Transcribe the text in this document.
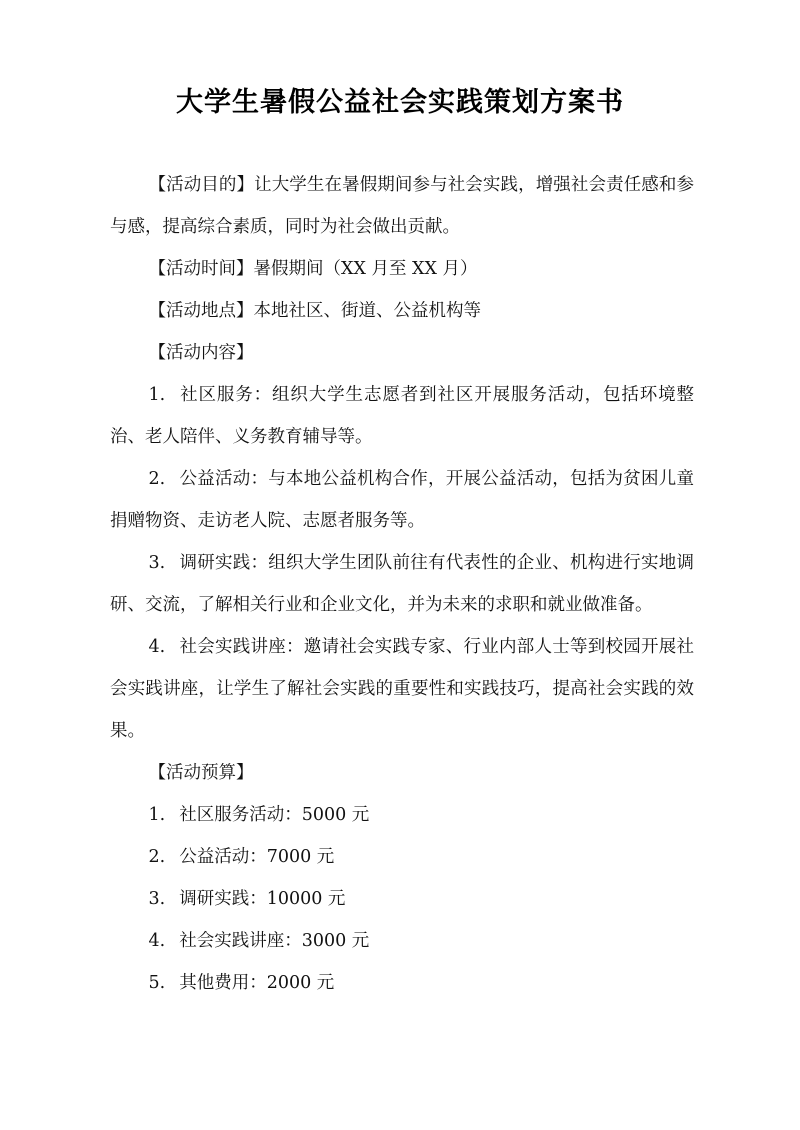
大学生暑假公益社会实践策划方案书

【活动目的】让大学生在暑假期间参与社会实践，增强社会责任感和参与感，提高综合素质，同时为社会做出贡献。

【活动时间】暑假期间（XX 月至 XX 月）

【活动地点】本地社区、街道、公益机构等

【活动内容】

1. 社区服务：组织大学生志愿者到社区开展服务活动，包括环境整治、老人陪伴、义务教育辅导等。

2. 公益活动：与本地公益机构合作，开展公益活动，包括为贫困儿童捐赠物资、走访老人院、志愿者服务等。

3. 调研实践：组织大学生团队前往有代表性的企业、机构进行实地调研、交流，了解相关行业和企业文化，并为未来的求职和就业做准备。

4. 社会实践讲座：邀请社会实践专家、行业内部人士等到校园开展社会实践讲座，让学生了解社会实践的重要性和实践技巧，提高社会实践的效果。

【活动预算】

1. 社区服务活动：5000 元

2. 公益活动：7000 元

3. 调研实践：10000 元

4. 社会实践讲座：3000 元

5. 其他费用：2000 元
